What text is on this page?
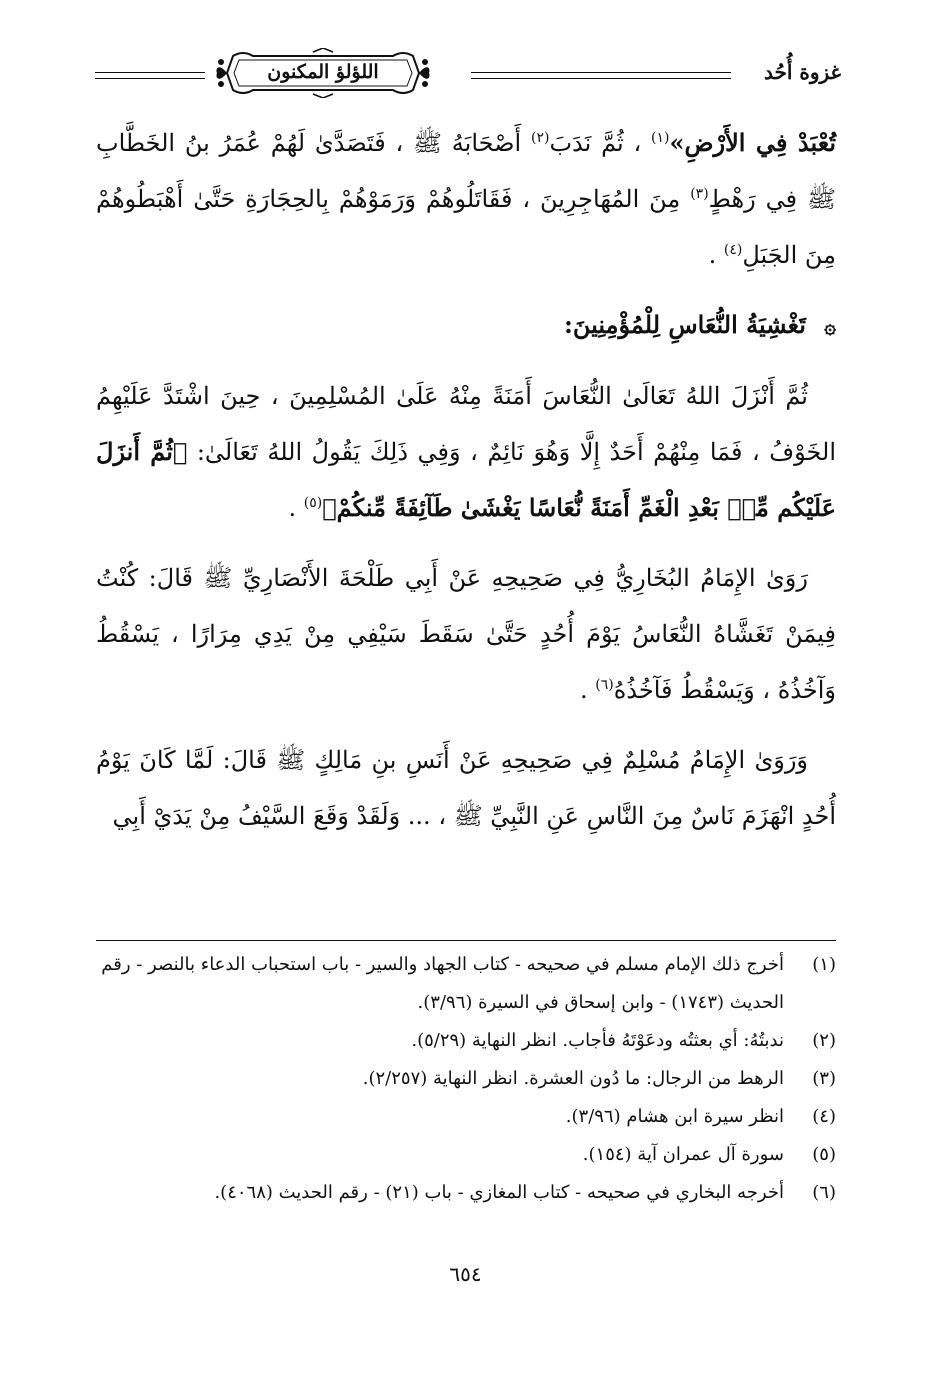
غزوة أُحُد
اللؤلؤ المكنون

تُعْبَدْ فِي الأَرْضِ»$^{(١)}$ ، ثُمَّ نَدَبَ$^{(٢)}$ أَصْحَابَهُ ﷺ ، فَتَصَدَّىٰ لَهُمْ عُمَرُ بنُ الخَطَّابِ ﷺ فِي رَهْطٍ$^{(٣)}$ مِنَ المُهَاجِرِينَ ، فَقَاتَلُوهُمْ وَرَمَوْهُمْ بِالحِجَارَةِ حَتَّىٰ أَهْبَطُوهُمْ مِنَ الجَبَلِ$^{(٤)}$ .

۞ تَغْشِيَةُ النُّعَاسِ لِلْمُؤْمِنِينَ:

ثُمَّ أَنْزَلَ اللهُ تَعَالَىٰ النُّعَاسَ أَمَنَةً مِنْهُ عَلَىٰ المُسْلِمِينَ ، حِينَ اشْتَدَّ عَلَيْهِمُ الخَوْفُ ، فَمَا مِنْهُمْ أَحَدٌ إِلَّا وَهُوَ نَائِمٌ ، وَفِي ذَلِكَ يَقُولُ اللهُ تَعَالَىٰ: ﴿ثُمَّ أَنزَلَ عَلَيْكُم مِّنۢ بَعْدِ الْغَمِّ أَمَنَةً نُّعَاسًا يَغْشَىٰ طَآئِفَةً مِّنكُمْ﴾$^{(٥)}$ .

رَوَىٰ الإِمَامُ البُخَارِيُّ فِي صَحِيحِهِ عَنْ أَبِي طَلْحَةَ الأَنْصَارِيِّ ﷺ قَالَ: كُنْتُ فِيمَنْ تَغَشَّاهُ النُّعَاسُ يَوْمَ أُحُدٍ حَتَّىٰ سَقَطَ سَيْفِي مِنْ يَدِي مِرَارًا ، يَسْقُطُ وَآخُذُهُ ، وَيَسْقُطُ فَآخُذُهُ$^{(٦)}$ .

وَرَوَىٰ الإِمَامُ مُسْلِمٌ فِي صَحِيحِهِ عَنْ أَنَسِ بنِ مَالِكٍ ﷺ قَالَ: لَمَّا كَانَ يَوْمُ أُحُدٍ انْهَزَمَ نَاسٌ مِنَ النَّاسِ عَنِ النَّبِيِّ ﷺ ، ... وَلَقَدْ وَقَعَ السَّيْفُ مِنْ يَدَيْ أَبِي

(١)
أخرج ذلك الإمام مسلم في صحيحه - كتاب الجهاد والسير - باب استحباب الدعاء بالنصر - رقم الحديث (١٧٤٣) - وابن إسحاق في السيرة (٣/٩٦).
(٢)
ندبتُهُ: أي بعثتُه ودعَوْتَهُ فأجاب. انظر النهاية (٥/٢٩).
(٣)
الرهط من الرجال: ما دُون العشرة. انظر النهاية (٢/٢٥٧).
(٤)
انظر سيرة ابن هشام (٣/٩٦).
(٥)
سورة آل عمران آية (١٥٤).
(٦)
أخرجه البخاري في صحيحه - كتاب المغازي - باب (٢١) - رقم الحديث (٤٠٦٨).
٦٥٤
